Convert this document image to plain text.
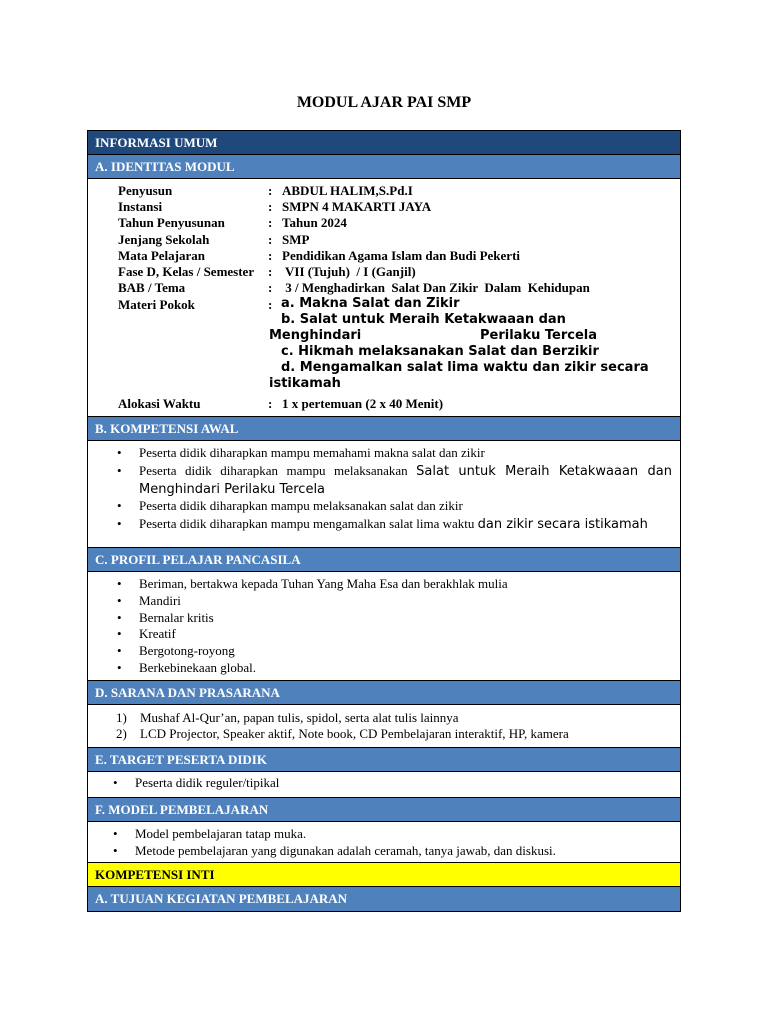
MODUL AJAR PAI SMP
INFORMASI UMUM
A. IDENTITAS MODUL
Penyusun	: ABDUL HALIM,S.Pd.I
Instansi	: SMPN 4 MAKARTI JAYA
Tahun Penyusunan	: Tahun 2024
Jenjang Sekolah	: SMP
Mata Pelajaran	: Pendidikan Agama Islam dan Budi Pekerti
Fase D, Kelas / Semester	: VII (Tujuh)  / I (Ganjil)
BAB / Tema	: 3 / Menghadirkan  Salat Dan Zikir  Dalam  Kehidupan
Materi Pokok	: a. Makna Salat dan Zikir
b. Salat untuk Meraih Ketakwaaan dan
Menghindari	Perilaku Tercela
c. Hikmah melaksanakan Salat dan Berzikir
d. Mengamalkan salat lima waktu dan zikir secara
istikamah
Alokasi Waktu	: 1 x pertemuan (2 x 40 Menit)
B. KOMPETENSI AWAL
• Peserta didik diharapkan mampu memahami makna salat dan zikir
• Peserta didik diharapkan mampu melaksanakan Salat untuk Meraih Ketakwaaan dan Menghindari Perilaku Tercela
• Peserta didik diharapkan mampu melaksanakan salat dan zikir
• Peserta didik diharapkan mampu mengamalkan salat lima waktu dan zikir secara istikamah
C. PROFIL PELAJAR PANCASILA
• Beriman, bertakwa kepada Tuhan Yang Maha Esa dan berakhlak mulia
• Mandiri
• Bernalar kritis
• Kreatif
• Bergotong-royong
• Berkebinekaan global.
D. SARANA DAN PRASARANA
1) Mushaf Al-Qur’an, papan tulis, spidol, serta alat tulis lainnya
2) LCD Projector, Speaker aktif, Note book, CD Pembelajaran interaktif, HP, kamera
E. TARGET PESERTA DIDIK
• Peserta didik reguler/tipikal
F. MODEL PEMBELAJARAN
• Model pembelajaran tatap muka.
• Metode pembelajaran yang digunakan adalah ceramah, tanya jawab, dan diskusi.
KOMPETENSI INTI
A. TUJUAN KEGIATAN PEMBELAJARAN
